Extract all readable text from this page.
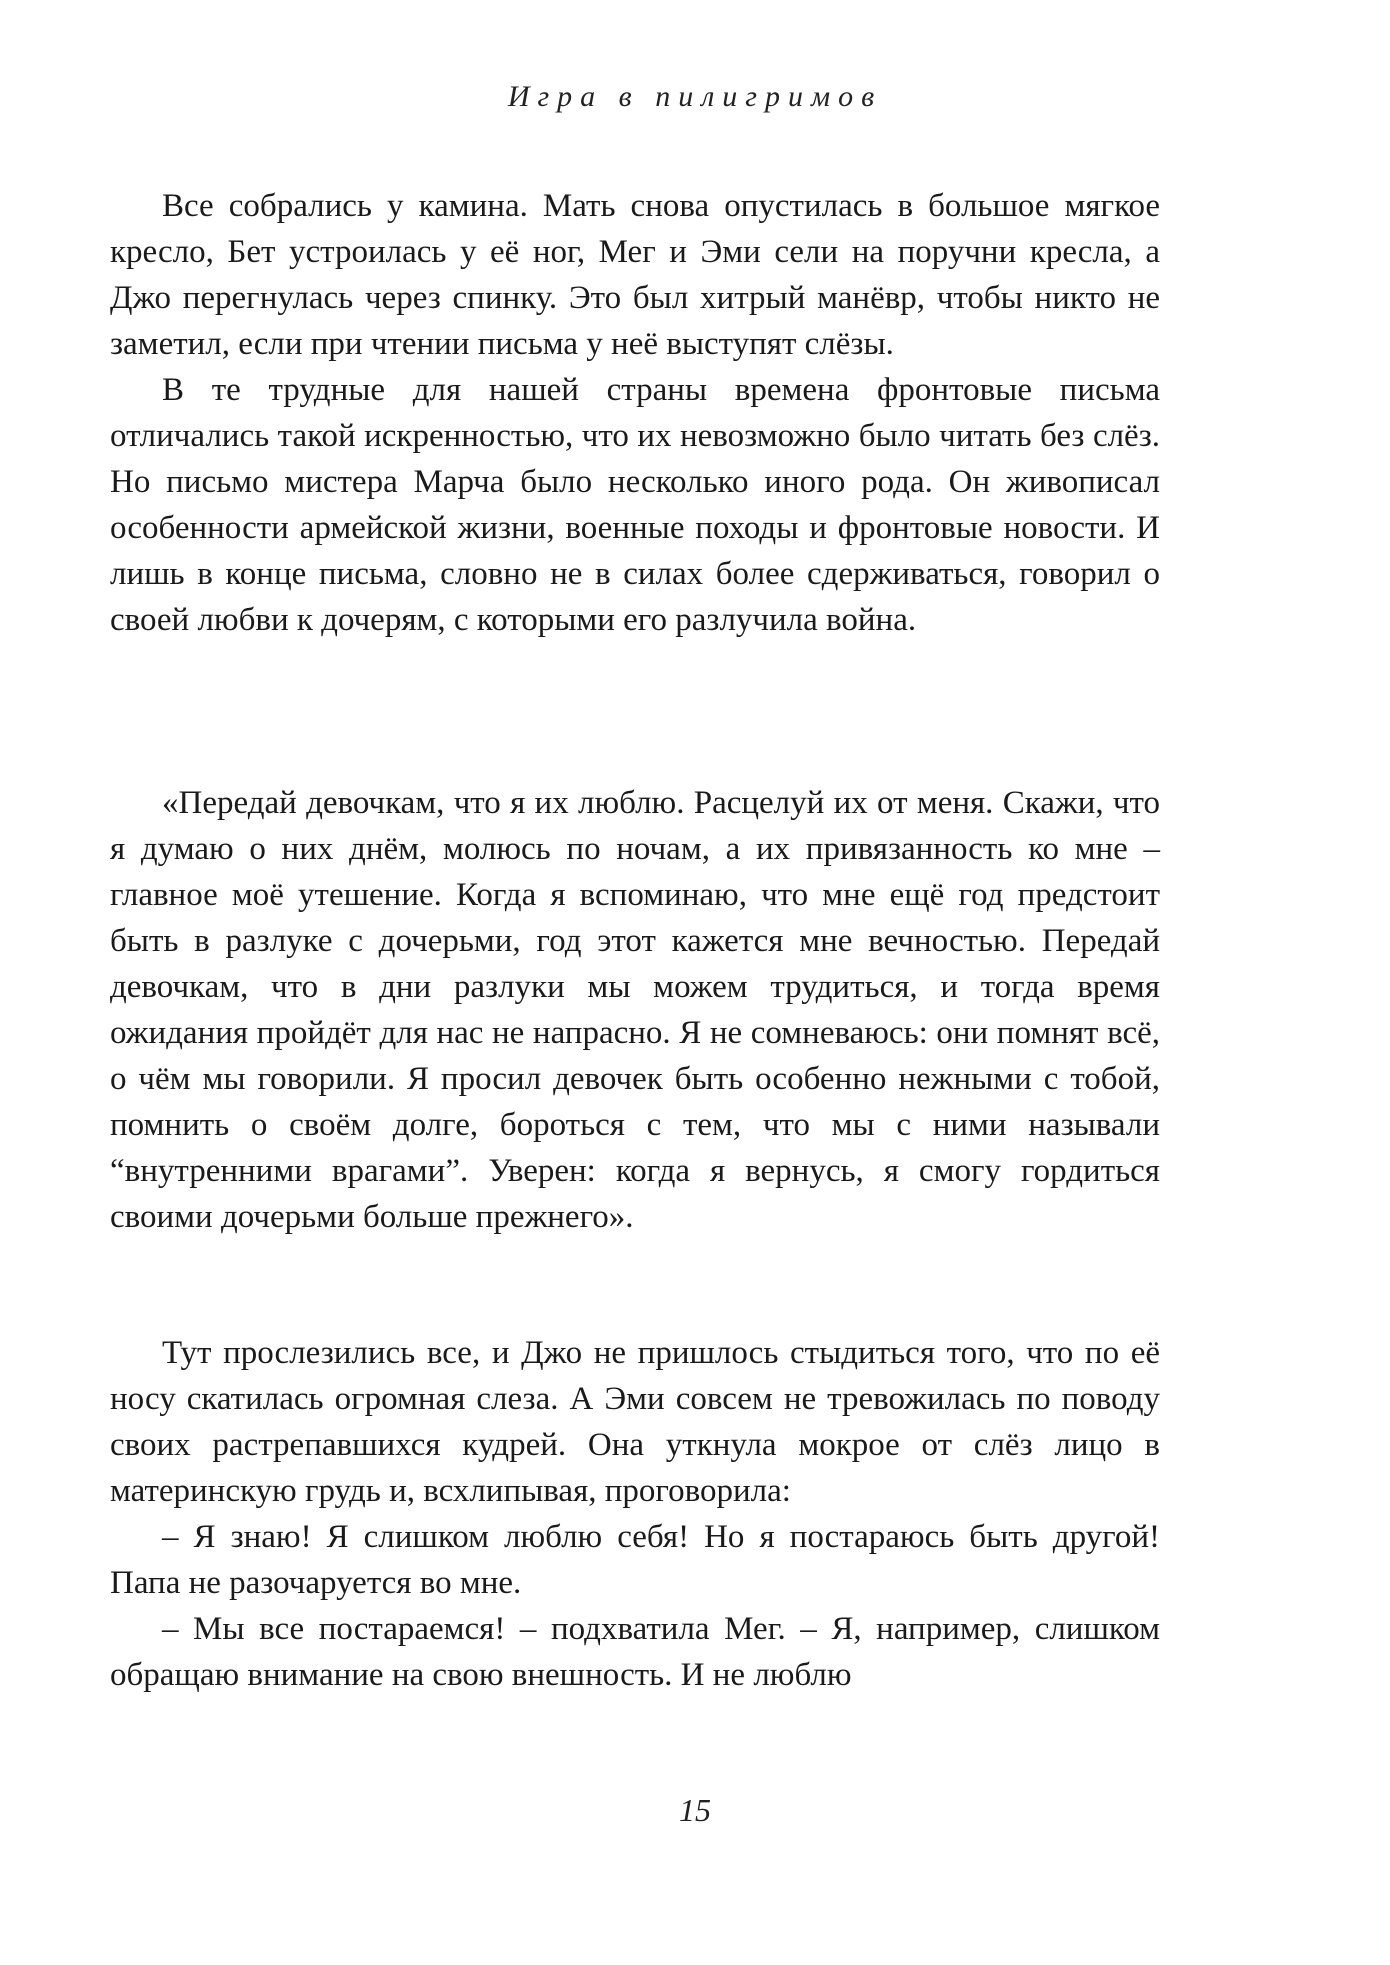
Игра в пилигримов

Все собрались у камина. Мать снова опустилась в большое мягкое кресло, Бет устроилась у её ног, Мег и Эми сели на поручни кресла, а Джо перегнулась через спинку. Это был хитрый манёвр, чтобы никто не заметил, если при чтении письма у неё выступят слёзы.

В те трудные для нашей страны времена фронтовые письма отличались такой искренностью, что их невозможно было читать без слёз. Но письмо мистера Марча было несколько иного рода. Он живописал особенности армейской жизни, военные походы и фронтовые новости. И лишь в конце письма, словно не в силах более сдерживаться, говорил о своей любви к дочерям, с которыми его разлучила война.

«Передай девочкам, что я их люблю. Расцелуй их от меня. Скажи, что я думаю о них днём, молюсь по ночам, а их привязанность ко мне – главное моё утешение. Когда я вспоминаю, что мне ещё год предстоит быть в разлуке с дочерьми, год этот кажется мне вечностью. Передай девочкам, что в дни разлуки мы можем трудиться, и тогда время ожидания пройдёт для нас не напрасно. Я не сомневаюсь: они помнят всё, о чём мы говорили. Я просил девочек быть особенно нежными с тобой, помнить о своём долге, бороться с тем, что мы с ними называли “внутренними врагами”. Уверен: когда я вернусь, я смогу гордиться своими дочерьми больше прежнего».

Тут прослезились все, и Джо не пришлось стыдиться того, что по её носу скатилась огромная слеза. А Эми совсем не тревожилась по поводу своих растрепавшихся кудрей. Она уткнула мокрое от слёз лицо в материнскую грудь и, всхлипывая, проговорила:

– Я знаю! Я слишком люблю себя! Но я постараюсь быть другой! Папа не разочаруется во мне.

– Мы все постараемся! – подхватила Мег. – Я, например, слишком обращаю внимание на свою внешность. И не люблю

15
